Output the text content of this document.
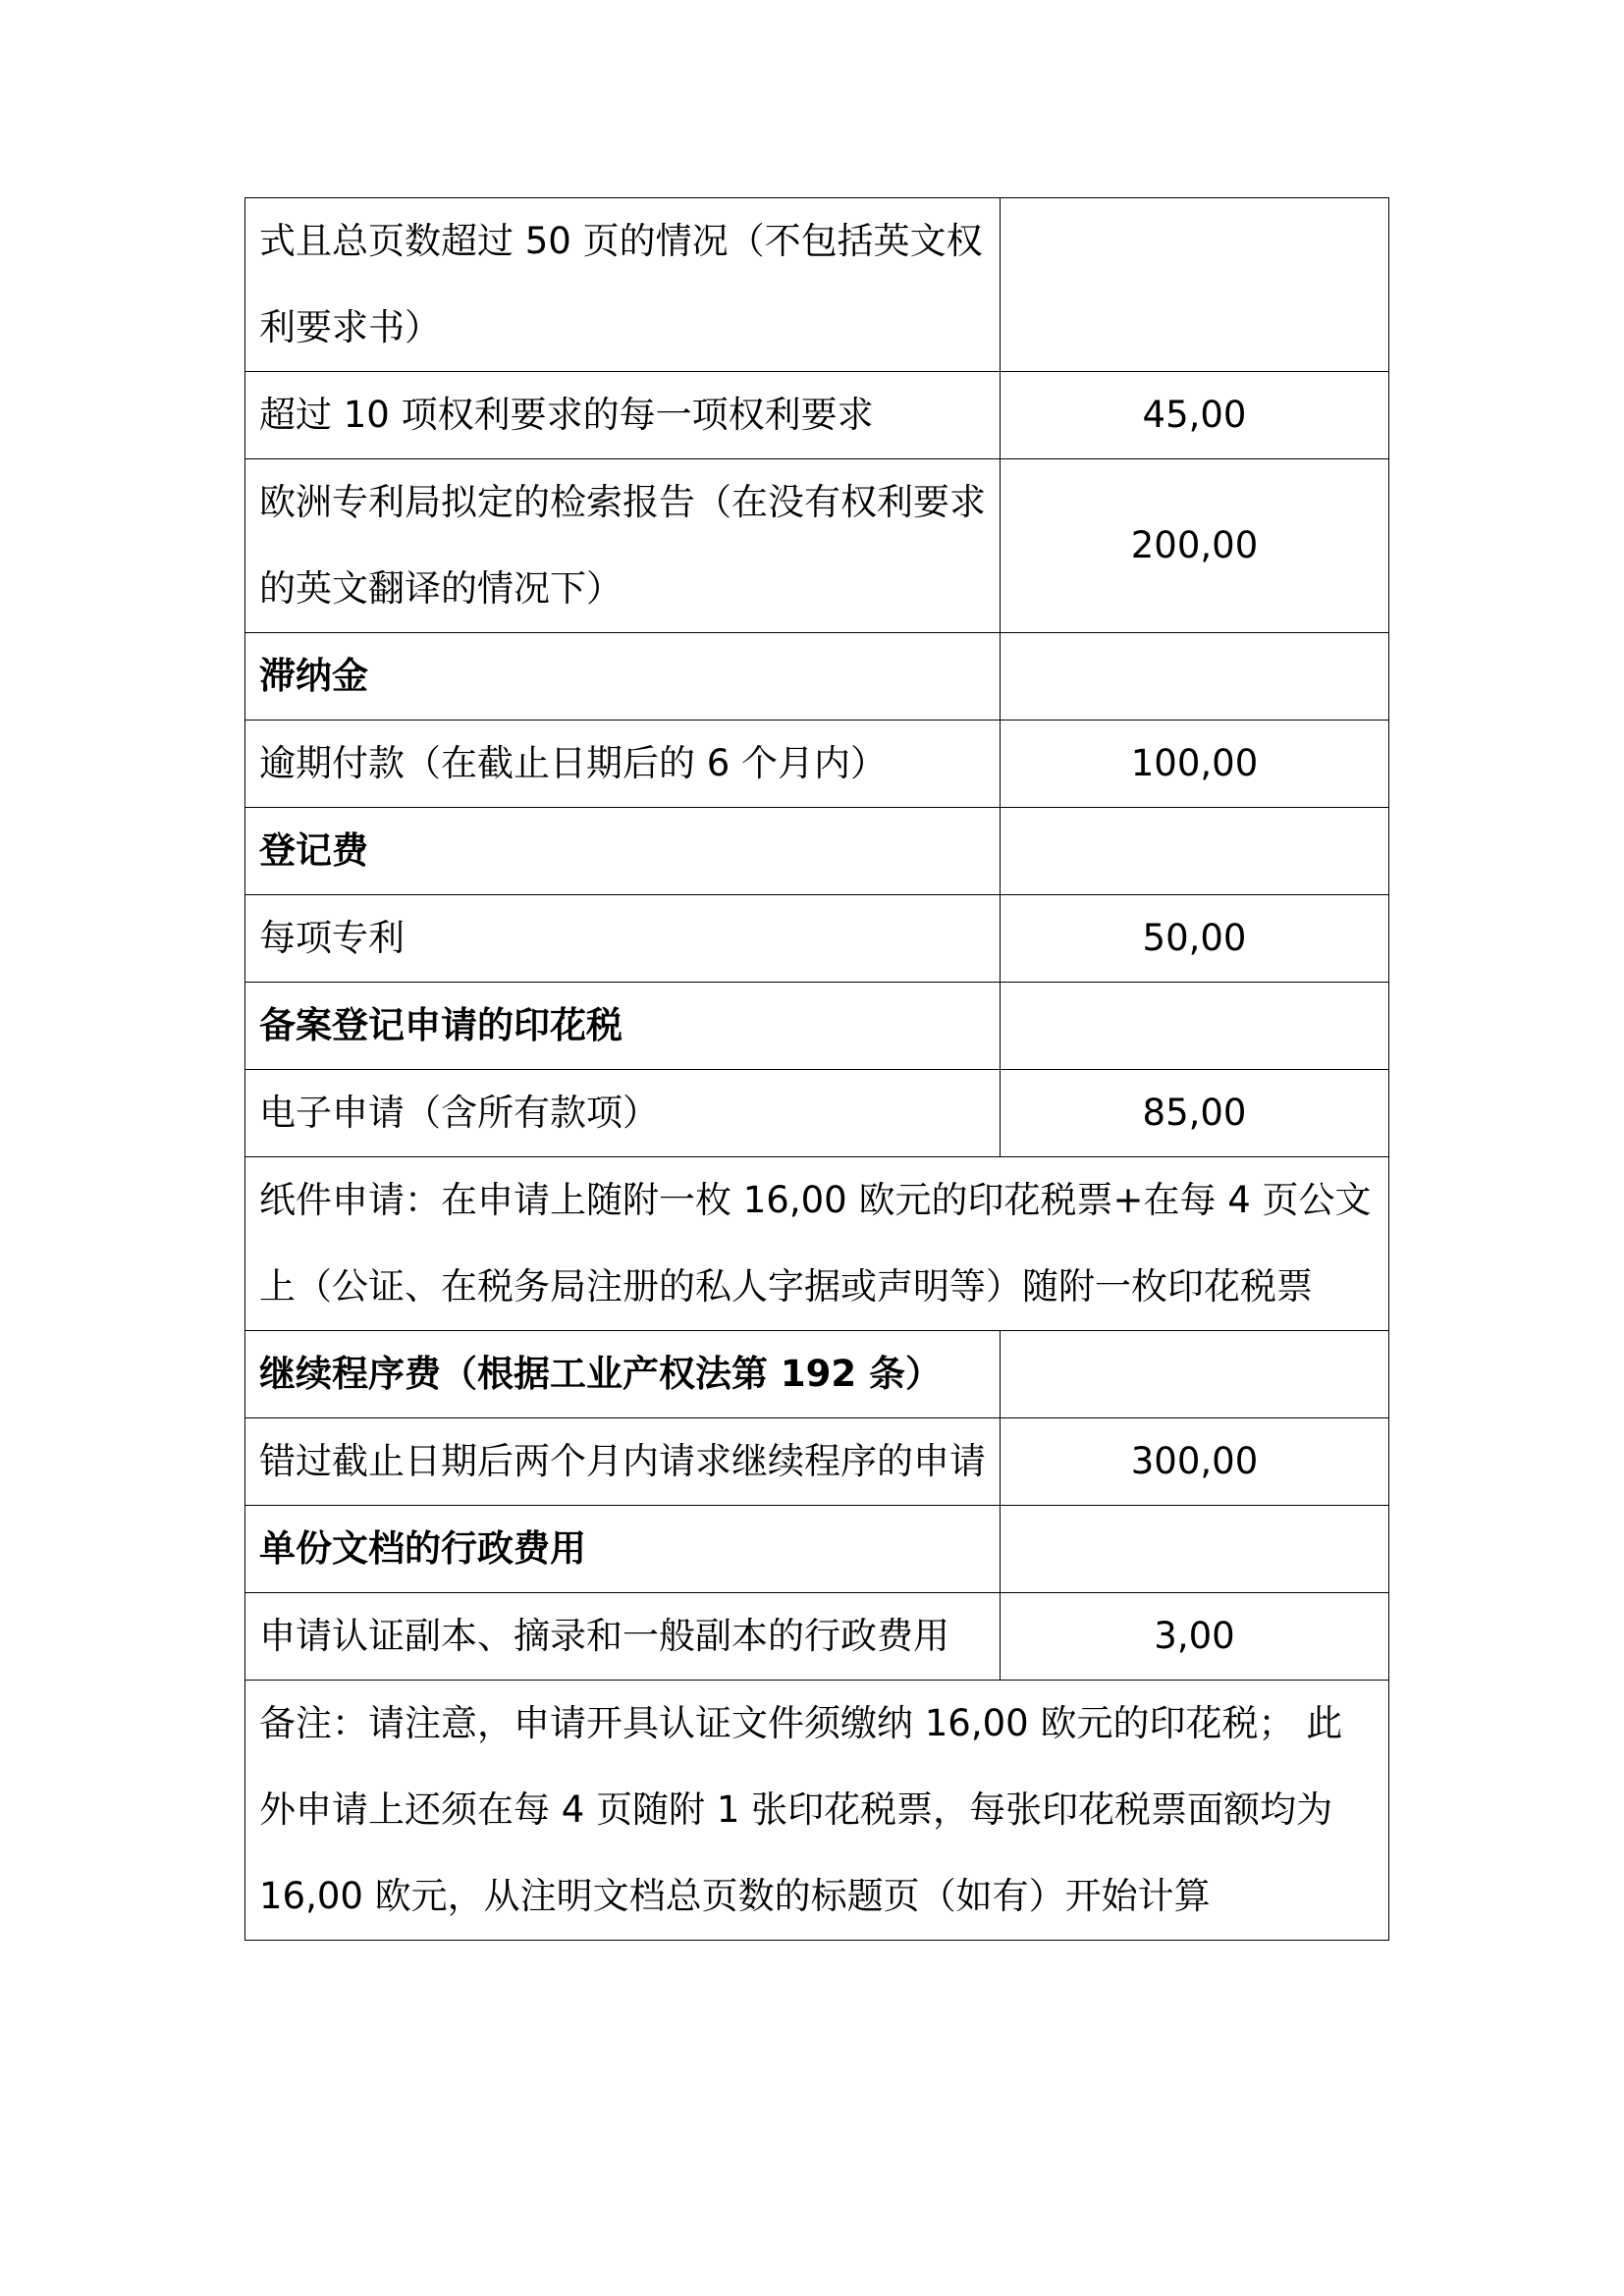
式且总页数超过 50 页的情况（不包括英文权利要求书）	
超过 10 项权利要求的每一项权利要求	45,00
欧洲专利局拟定的检索报告（在没有权利要求的英文翻译的情况下）	200,00
滞纳金	
逾期付款（在截止日期后的 6 个月内）	100,00
登记费	
每项专利	50,00
备案登记申请的印花税	
电子申请（含所有款项）	85,00
纸件申请：在申请上随附一枚 16,00 欧元的印花税票+在每 4 页公文上（公证、在税务局注册的私人字据或声明等）随附一枚印花税票	
继续程序费（根据工业产权法第 192 条）	
错过截止日期后两个月内请求继续程序的申请	300,00
单份文档的行政费用	
申请认证副本、摘录和一般副本的行政费用	3,00
备注：请注意，申请开具认证文件须缴纳 16,00 欧元的印花税； 此外申请上还须在每 4 页随附 1 张印花税票，每张印花税票面额均为 16,00 欧元，从注明文档总页数的标题页（如有）开始计算	
